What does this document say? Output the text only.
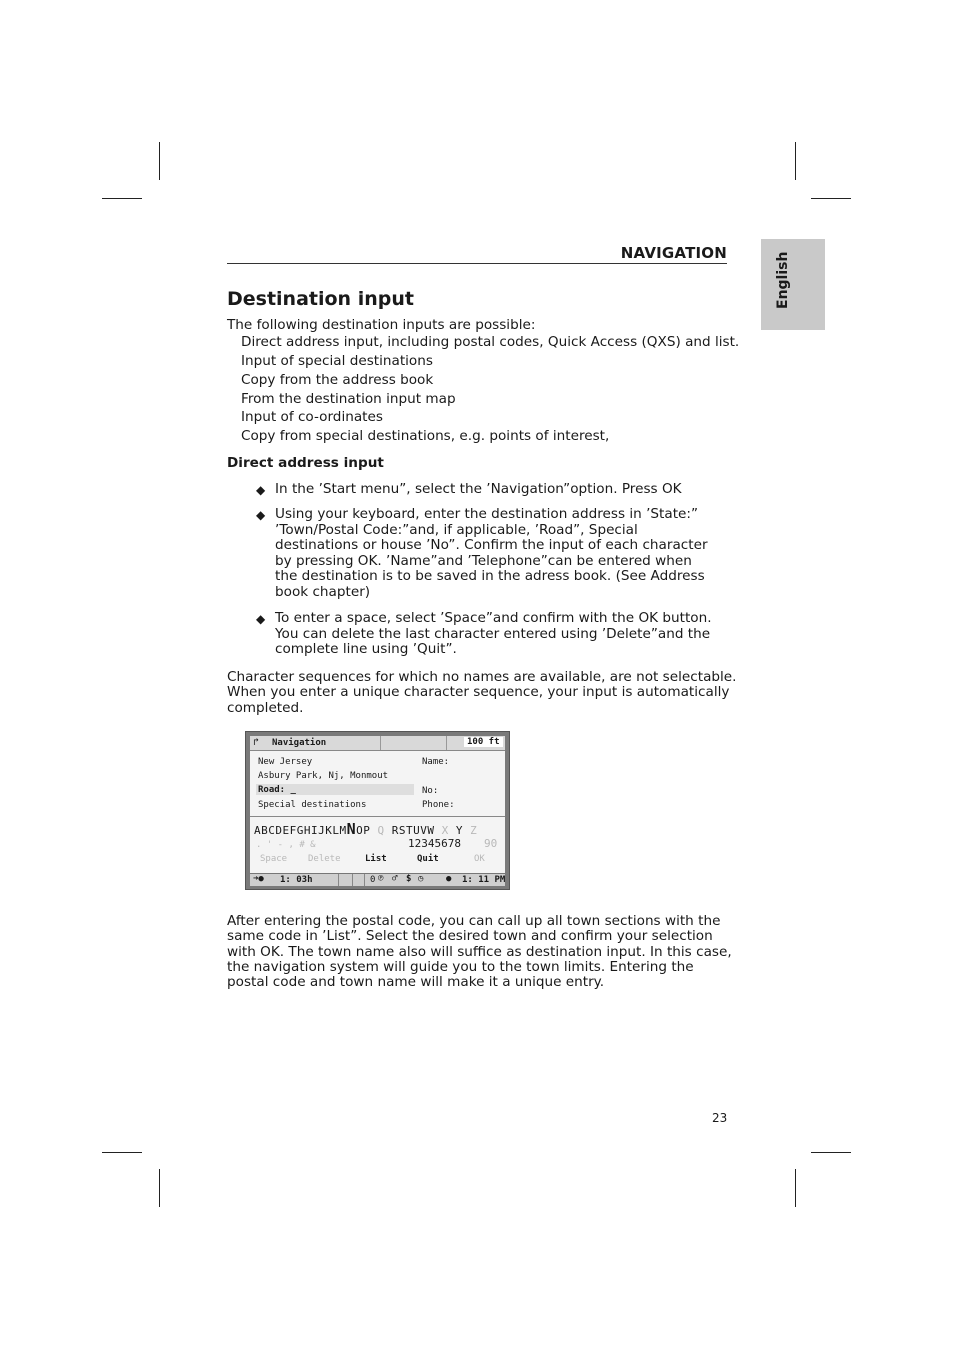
NAVIGATION	English
Destination input
The following destination inputs are possible:
Direct address input, including postal codes, Quick Access (QXS) and list.
Input of special destinations
Copy from the address book
From the destination input map
Input of co-ordinates
Copy from special destinations, e.g. points of interest,
Direct address input
◆ In the ’Start menu”, select the ’Navigation”option. Press OK
◆ Using your keyboard, enter the destination address in ’State:”
’Town/Postal Code:”and, if applicable, ’Road”, Special
destinations or house ’No”. Confirm the input of each character
by pressing OK. ’Name”and ’Telephone”can be entered when
the destination is to be saved in the adress book. (See Address
book chapter)
◆ To enter a space, select ’Space”and confirm with the OK button.
You can delete the last character entered using ’Delete”and the
complete line using ’Quit”.
Character sequences for which no names are available, are not selectable.
When you enter a unique character sequence, your input is automatically
completed.
↱ Navigation	100 ft
New Jersey	Name:
Asbury Park, Nj, Monmout
Road: _	No:
Special destinations	Phone:
ABCDEFGHIJKLMNOP Q RSTUVW X Y Z
. ' - , # &	12345678 90
Space Delete	List	Quit	OK
➜● 1: 03h	0 ℗ ♂ $ ◷	● 1: 11 PM
After entering the postal code, you can call up all town sections with the
same code in ’List”. Select the desired town and confirm your selection
with OK. The town name also will suffice as destination input. In this case,
the navigation system will guide you to the town limits. Entering the
postal code and town name will make it a unique entry.
23
